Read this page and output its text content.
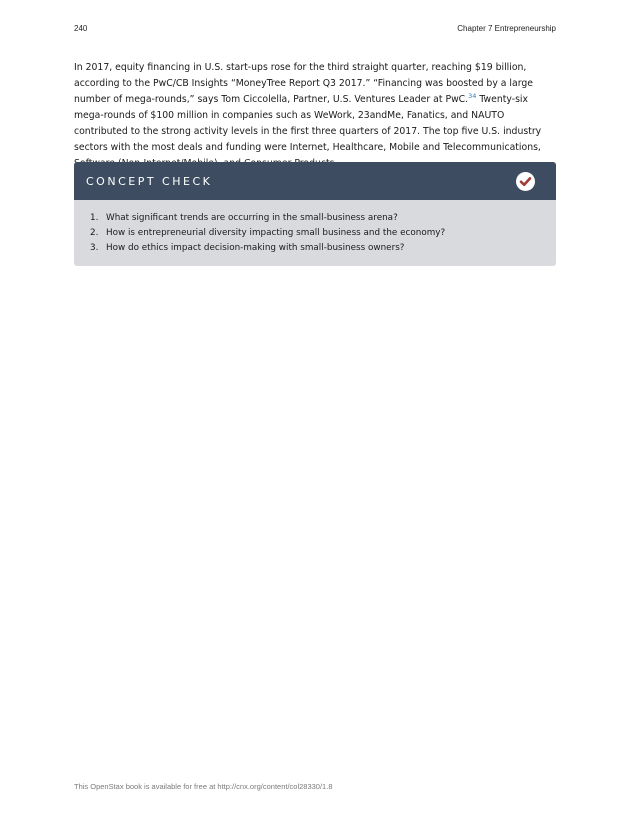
240	Chapter 7 Entrepreneurship

In 2017, equity financing in U.S. start-ups rose for the third straight quarter, reaching $19 billion, according to the PwC/CB Insights “MoneyTree Report Q3 2017.” “Financing was boosted by a large number of mega-rounds,” says Tom Ciccolella, Partner, U.S. Ventures Leader at PwC.$^{34}$ Twenty-six mega-rounds of $100 million in companies such as WeWork, 23andMe, Fanatics, and NAUTO contributed to the strong activity levels in the first three quarters of 2017. The top five U.S. industry sectors with the most deals and funding were Internet, Healthcare, Mobile and Telecommunications,

CONCEPT CHECK
1. What significant trends are occurring in the small-business arena?
2. How is entrepreneurial diversity impacting small business and the economy?
3. How do ethics impact decision-making with small-business owners?
This OpenStax book is available for free at http://cnx.org/content/col28330/1.8
